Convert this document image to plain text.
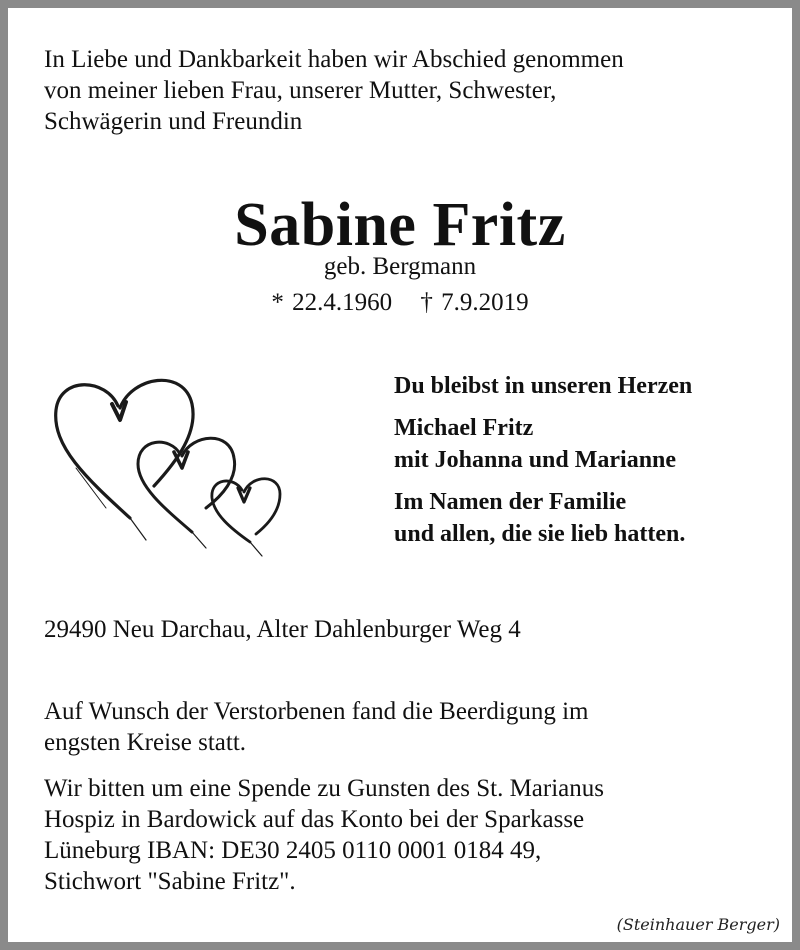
In Liebe und Dankbarkeit haben wir Abschied genommen
von meiner lieben Frau, unserer Mutter, Schwester,
Schwägerin und Freundin
Sabine Fritz
geb. Bergmann
* 22.4.1960 † 7.9.2019
Du bleibst in unseren Herzen
Michael Fritz
mit Johanna und Marianne
Im Namen der Familie
und allen, die sie lieb hatten.
29490 Neu Darchau, Alter Dahlenburger Weg 4
Auf Wunsch der Verstorbenen fand die Beerdigung im
engsten Kreise statt.
Wir bitten um eine Spende zu Gunsten des St. Marianus
Hospiz in Bardowick auf das Konto bei der Sparkasse
Lüneburg IBAN: DE30 2405 0110 0001 0184 49,
Stichwort "Sabine Fritz".
(Steinhauer Berger)
